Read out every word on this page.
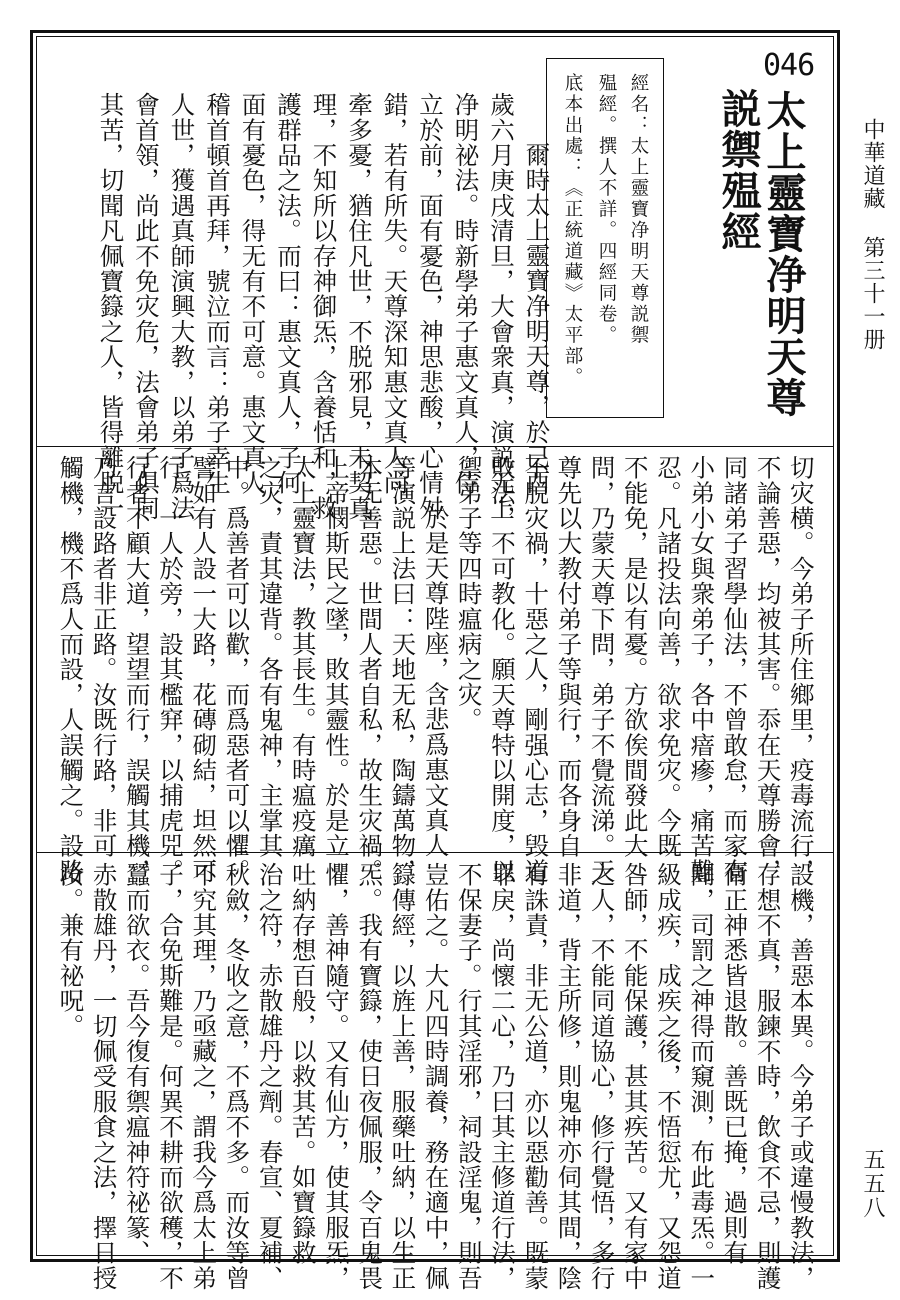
中華道藏 第三十一册
五五八
046
太上靈寶净明天尊
説禦殟經
經名：太上靈寶净明天尊説禦
殟經。撰人不詳。四經同卷。
底本出處：《正統道藏》太平部。
爾時太上靈寶净明天尊，於己酉
歲六月庚戌清旦，大會衆真，演説无上
净明祕法。時新學弟子惠文真人，侍
立於前，面有憂色，神思悲酸，心情舛
錯，若有所失。天尊深知惠文真人尚
牽多憂，猶住凡世，不脱邪見，未契真
理，不知所以存神御炁，含養恬和，救
護群品之法。而曰：惠文真人，子何
面有憂色，得无有不可意。惠文真人
稽首頓首再拜，號泣而言：弟子幸生
人世，獲遇真師演興大教，以弟子爲法
會首領，尚此不免灾危，法會弟子俱同
其苦，切聞凡佩寶籙之人，皆得離脱一
切灾横。今弟子所住鄉里，疫毒流行，
不論善惡，均被其害。忝在天尊勝會，
同諸弟子習學仙法，不曾敢怠，而家有
小弟小女與衆弟子，各中瘖瘮，痛苦難
忍。凡諸投法向善，欲求免灾。今既
不能免，是以有憂。方欲俟間發此大
問，乃蒙天尊下問，弟子不覺流涕。天
尊先以大教付弟子等與行，而各身自
不脱灾禍，十惡之人，剛强心志，毁道
敗法，不可教化。願天尊特以開度，以
禦弟子等四時瘟病之灾。
於是天尊陛座，含悲爲惠文真人
等演説上法曰：天地无私，陶鑄萬物，
本无善惡。世間人者自私，故生灾禍。
上帝憫斯民之墜，敗其靈性。於是立
太上靈寶法，教其長生。有時瘟疫癘
之灾，責其違背。各有鬼神，主掌其
中。爲善者可以歡，而爲惡者可以懼。
譬如有人設一大路，花磚砌結，坦然可
行。一人於旁，設其檻穽，以捕虎兕。
行者不顧大道，望望而行，誤觸其機，
乃言設路者非正路。汝既行路，非可
觸機，機不爲人而設，人誤觸之。設路
設機，善惡本異。今弟子或違慢教法，
存想不真，服鍊不時，飲食不忌，則護
衛正神悉皆退散。善既已掩，過則有
聞，司罰之神得而窺測，布此毒炁。一
級成疾，成疾之後，不悟愆尤，又怨道
咎師，不能保護，甚其疾苦。又有家中
之人，不能同道協心，修行覺悟，多行
非道，背主所修，則鬼神亦伺其間，陰
有誅責，非无公道，亦以惡勸善。既蒙
罪戾，尚懷二心，乃曰其主修道行法，
不保妻子。行其淫邪，祠設淫鬼，則吾
豈佑之。大凡四時調養，務在適中，佩
籙傳經，以旌上善，服藥吐納，以生正
炁。我有寶籙，使日夜佩服，令百鬼畏
懼，善神隨守。又有仙方，使其服炁，
吐納存想百般，以救其苦。如寶籙救
治之符，赤散雄丹之劑。春宣、夏補、
秋斂，冬收之意，不爲不多。而汝等曾
不究其理，乃亟藏之，謂我今爲太上弟
子，合免斯難是。何異不耕而欲穫，不
蠶而欲衣。吾今復有禦瘟神符祕篆、
赤散雄丹，一切佩受服食之法，擇日授
汝。兼有祕呪。
